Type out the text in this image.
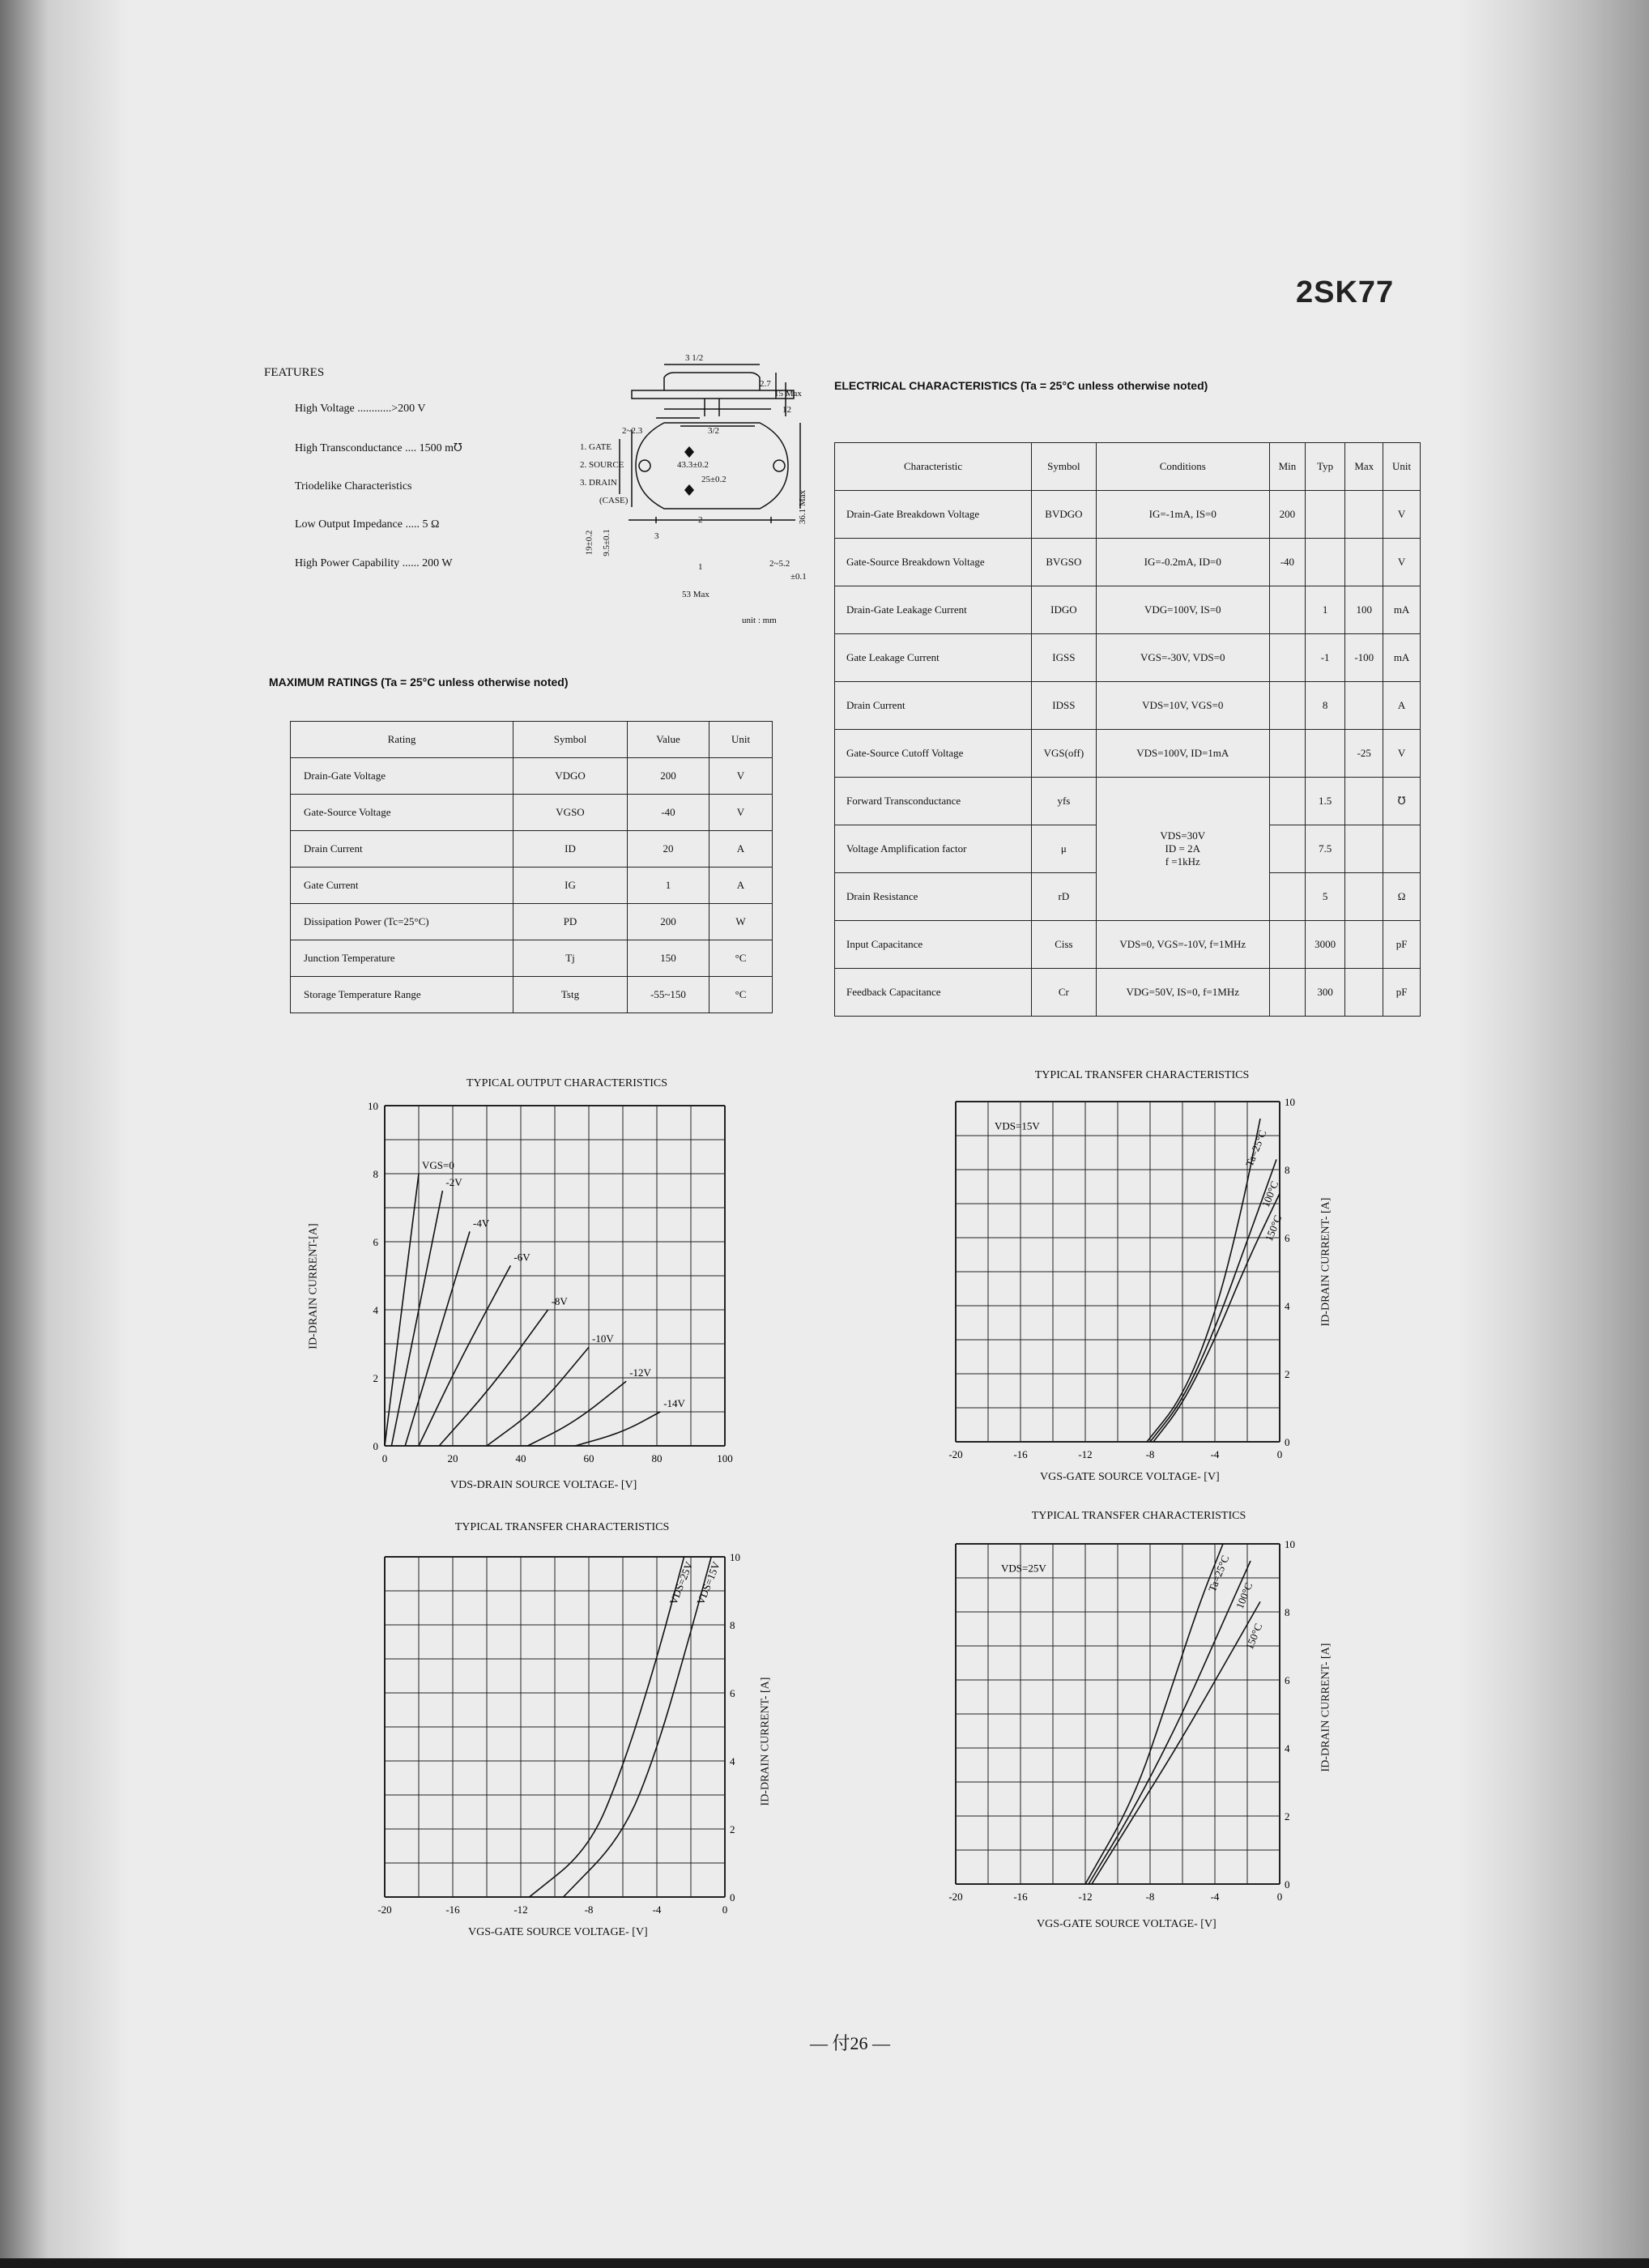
2SK77
FEATURES
High Voltage ............>200 V
High Transconductance .... 1500 m℧
Triodelike Characteristics
Low Output Impedance ..... 5 Ω
High Power Capability ...... 200 W
3 1/2
2.7
15 Max
12
2~2.3	3/2
1. GATE
2. SOURCE
3. DRAIN
(CASE)
43.3±0.2
25±0.2
2
3
1
19±0.2 9.5±0.1
36.1 Max
2~5.2
±0.1
53 Max
unit : mm
ELECTRICAL CHARACTERISTICS (Ta = 25°C unless otherwise noted)
Characteristic	Symbol	Conditions	Min	Typ	Max	Unit
Drain-Gate Breakdown Voltage	BVDGO	IG=-1mA, IS=0	200			V
Gate-Source Breakdown Voltage	BVGSO	IG=-0.2mA, ID=0	-40			V
Drain-Gate Leakage Current	IDGO	VDG=100V, IS=0		1	100	mA
Gate Leakage Current	IGSS	VGS=-30V, VDS=0		-1	-100	mA
Drain Current	IDSS	VDS=10V, VGS=0		8		A
Gate-Source Cutoff Voltage	VGS(off)	VDS=100V, ID=1mA			-25	V
Forward Transconductance	yfs	VDS=30V
ID = 2A
f =1kHz		1.5		℧
Voltage Amplification factor	μ			7.5		
Drain Resistance	rD			5		Ω
Input Capacitance	Ciss	VDS=0, VGS=-10V, f=1MHz		3000		pF
Feedback Capacitance	Cr	VDG=50V, IS=0, f=1MHz		300		pF
MAXIMUM RATINGS (Ta = 25°C unless otherwise noted)
Rating	Symbol	Value	Unit
Drain-Gate Voltage	VDGO	200	V
Gate-Source Voltage	VGSO	-40	V
Drain Current	ID	20	A
Gate Current	IG	1	A
Dissipation Power (Tc=25°C)	PD	200	W
Junction Temperature	Tj	150	°C
Storage Temperature Range	Tstg	-55~150	°C
TYPICAL OUTPUT CHARACTERISTICS
0	20	40	60	80	100
0
2
4
6
8
10
VGS=0
-2V
-4V
-6V
-8V
-10V
-12V
-14V
VDS-DRAIN SOURCE VOLTAGE- [V]
ID-DRAIN CURRENT-[A]
TYPICAL TRANSFER CHARACTERISTICS
-20	-16	-12	-8	-4	0
0
2
4
6
8
10
Ta=25°C
100°C
150°C
VDS=15V
VGS-GATE SOURCE VOLTAGE- [V]
ID-DRAIN CURRENT- [A]
TYPICAL TRANSFER CHARACTERISTICS
-20	-16	-12	-8	-4	0
0
2
4
6
8
10
VDS=25V
VDS=15V
VGS-GATE SOURCE VOLTAGE- [V]
ID-DRAIN CURRENT- [A]
TYPICAL TRANSFER CHARACTERISTICS
-20	-16	-12	-8	-4	0
0
2
4
6
8
10
Ta=25°C
100°C
150°C
VDS=25V
VGS-GATE SOURCE VOLTAGE- [V]
ID-DRAIN CURRENT- [A]
— 付26 —
